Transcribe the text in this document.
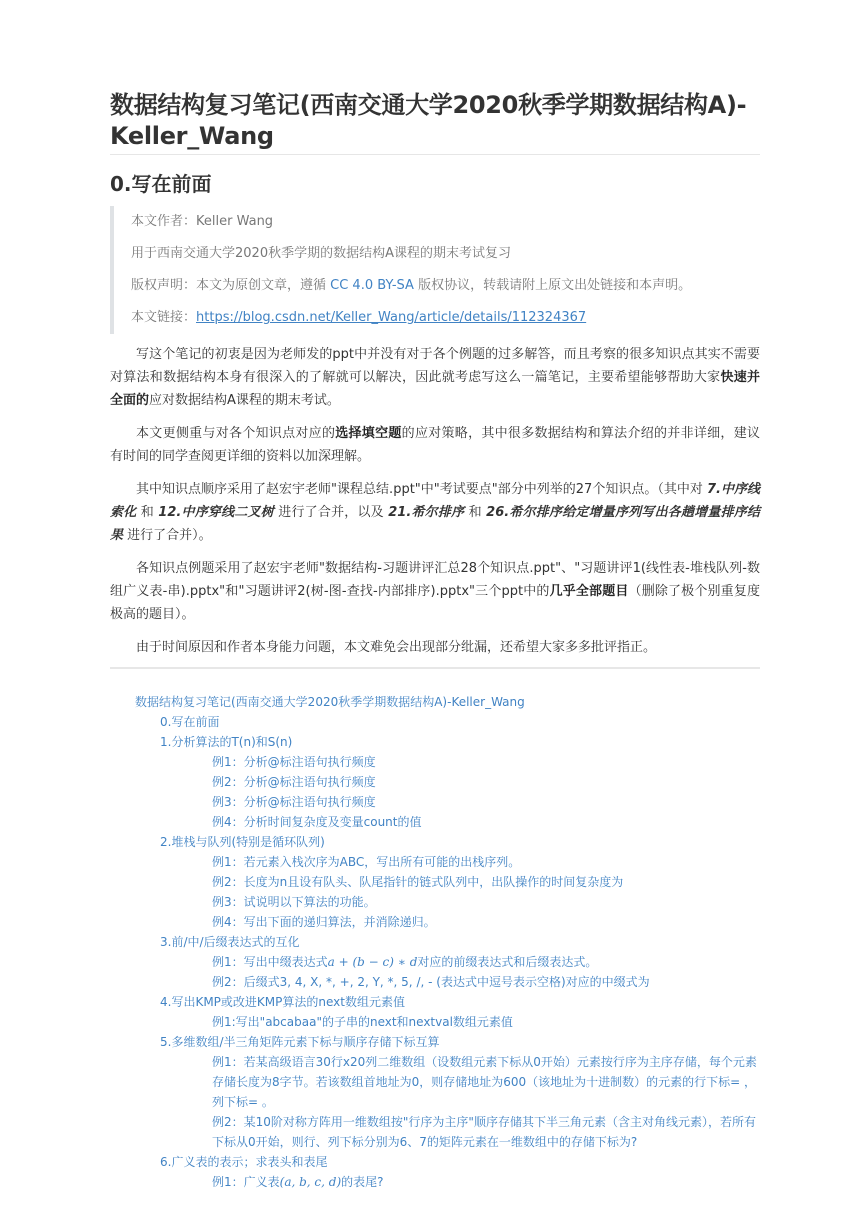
数据结构复习笔记(西南交通大学2020秋季学期数据结构A)-Keller_Wang
0.写在前面

本文作者：Keller Wang

用于西南交通大学2020秋季学期的数据结构A课程的期末考试复习

版权声明：本文为原创文章，遵循 CC 4.0 BY-SA 版权协议，转载请附上原文出处链接和本声明。

本文链接：https://blog.csdn.net/Keller_Wang/article/details/112324367

写这个笔记的初衷是因为老师发的ppt中并没有对于各个例题的过多解答，而且考察的很多知识点其实不需要对算法和数据结构本身有很深入的了解就可以解决，因此就考虑写这么一篇笔记，主要希望能够帮助大家快速并全面的应对数据结构A课程的期末考试。

本文更侧重与对各个知识点对应的选择填空题的应对策略，其中很多数据结构和算法介绍的并非详细，建议有时间的同学查阅更详细的资料以加深理解。

其中知识点顺序采用了赵宏宇老师"课程总结.ppt"中"考试要点"部分中列举的27个知识点。（其中对 7.中序线索化 和 12.中序穿线二叉树 进行了合并，以及 21.希尔排序 和 26.希尔排序给定增量序列写出各趟增量排序结果 进行了合并）。

各知识点例题采用了赵宏宇老师"数据结构-习题讲评汇总28个知识点.ppt"、"习题讲评1(线性表-堆栈队列-数组广义表-串).pptx"和"习题讲评2(树-图-查找-内部排序).pptx"三个ppt中的几乎全部题目（删除了极个别重复度极高的题目）。

由于时间原因和作者本身能力问题，本文难免会出现部分纰漏，还希望大家多多批评指正。

数据结构复习笔记(西南交通大学2020秋季学期数据结构A)-Keller_Wang
0.写在前面
1.分析算法的T(n)和S(n)
例1：分析@标注语句执行频度
例2：分析@标注语句执行频度
例3：分析@标注语句执行频度
例4：分析时间复杂度及变量count的值
2.堆栈与队列(特别是循环队列)
例1：若元素入栈次序为ABC，写出所有可能的出栈序列。
例2：长度为n且设有队头、队尾指针的链式队列中，出队操作的时间复杂度为
例3：试说明以下算法的功能。
例4：写出下面的递归算法，并消除递归。
3.前/中/后缀表达式的互化
例1：写出中缀表达式a + (b − c) ∗ d对应的前缀表达式和后缀表达式。
例2：后缀式3, 4, X, *, +, 2, Y, *, 5, /, - (表达式中逗号表示空格)对应的中缀式为
4.写出KMP或改进KMP算法的next数组元素值
例1:写出"abcabaa"的子串的next和nextval数组元素值
5.多维数组/半三角矩阵元素下标与顺序存储下标互算
例1：若某高级语言30行x20列二维数组（设数组元素下标从0开始）元素按行序为主序存储，每个元素存储长度为8字节。若该数组首地址为0，则存储地址为600（该地址为十进制数）的元素的行下标= ，列下标= 。
例2：某10阶对称方阵用一维数组按"行序为主序"顺序存储其下半三角元素（含主对角线元素），若所有下标从0开始，则行、列下标分别为6、7的矩阵元素在一维数组中的存储下标为?
6.广义表的表示；求表头和表尾
例1：广义表(a, b, c, d)的表尾?
